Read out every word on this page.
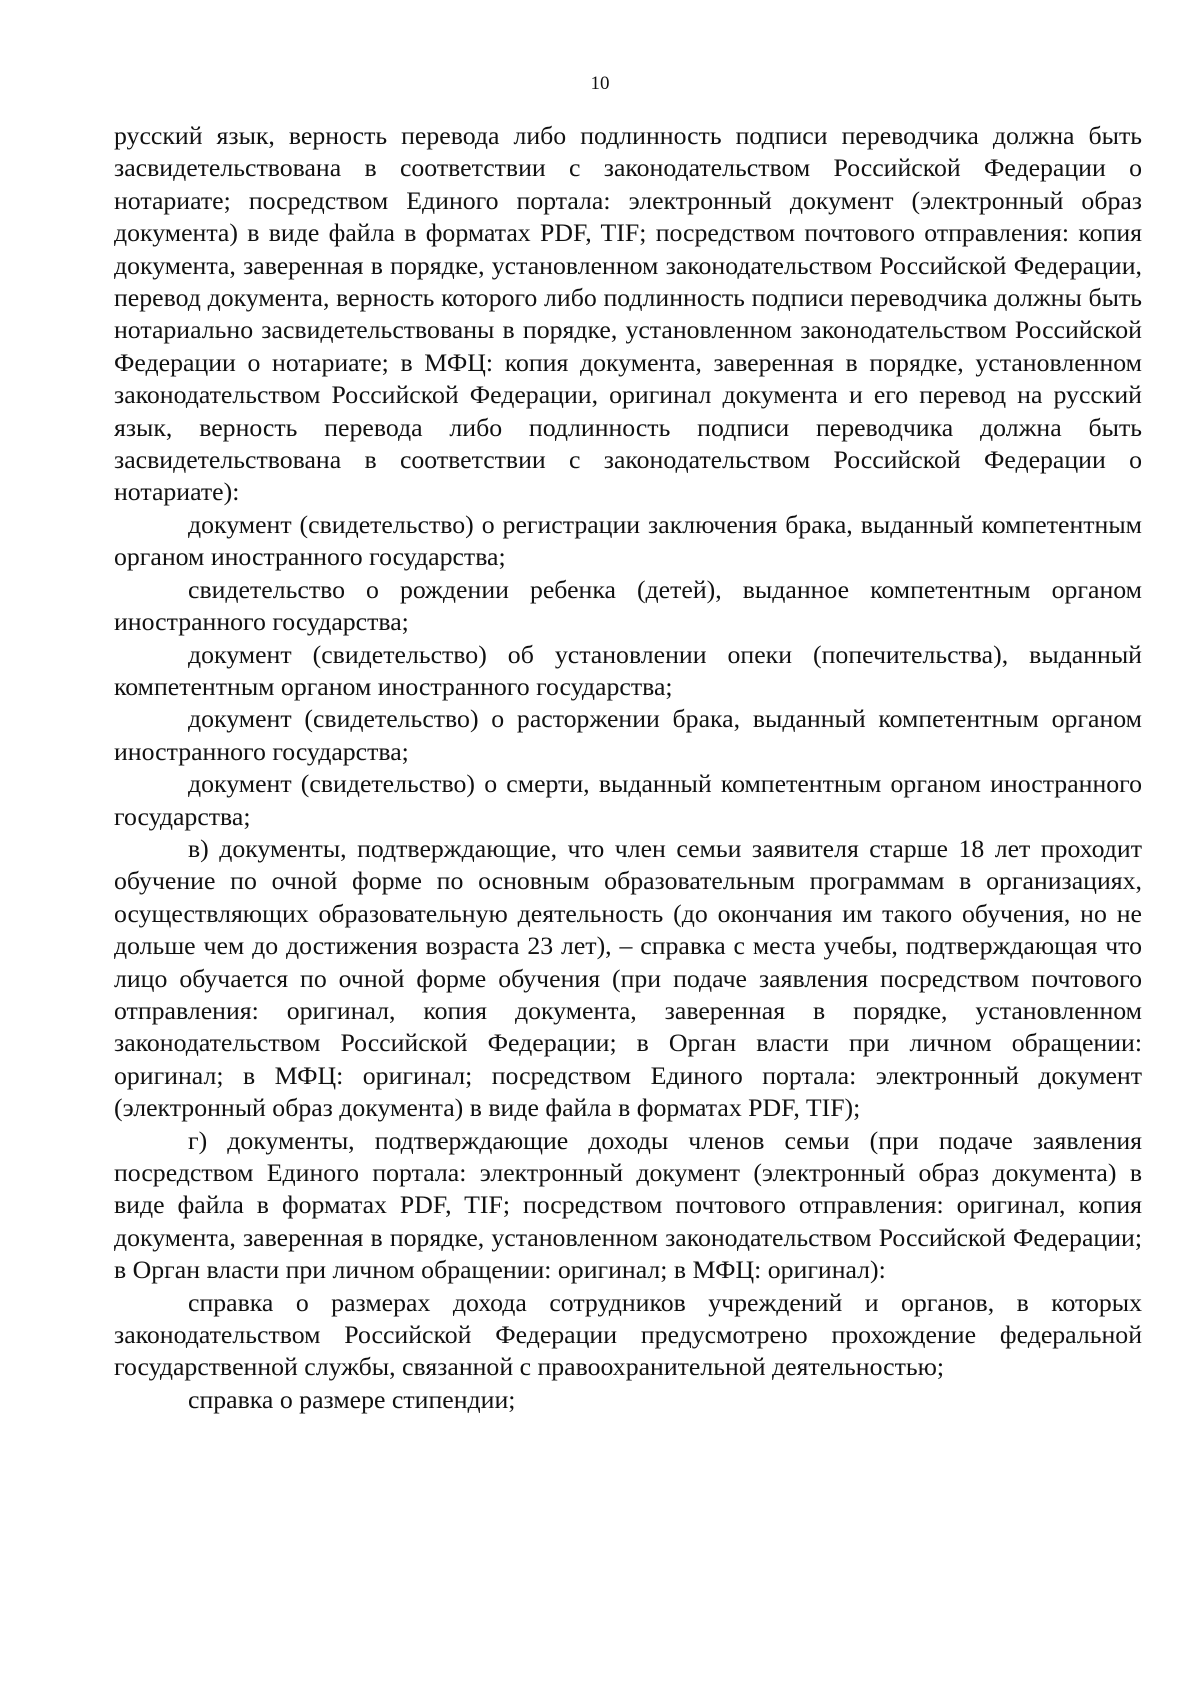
10

русский язык, верность перевода либо подлинность подписи переводчика должна быть засвидетельствована в соответствии с законодательством Российской Федерации о нотариате; посредством Единого портала: электронный документ (электронный образ документа) в виде файла в форматах PDF, TIF; посредством почтового отправления: копия документа, заверенная в порядке, установленном законодательством Российской Федерации, перевод документа, верность которого либо подлинность подписи переводчика должны быть нотариально засвидетельствованы в порядке, установленном законодательством Российской Федерации о нотариате; в МФЦ: копия документа, заверенная в порядке, установленном законодательством Российской Федерации, оригинал документа и его перевод на русский язык, верность перевода либо подлинность подписи переводчика должна быть засвидетельствована в соответствии с законодательством Российской Федерации о нотариате):

документ (свидетельство) о регистрации заключения брака, выданный компетентным органом иностранного государства;

свидетельство о рождении ребенка (детей), выданное компетентным органом иностранного государства;

документ (свидетельство) об установлении опеки (попечительства), выданный компетентным органом иностранного государства;

документ (свидетельство) о расторжении брака, выданный компетентным органом иностранного государства;

документ (свидетельство) о смерти, выданный компетентным органом иностранного государства;

в) документы, подтверждающие, что член семьи заявителя старше 18 лет проходит обучение по очной форме по основным образовательным программам в организациях, осуществляющих образовательную деятельность (до окончания им такого обучения, но не дольше чем до достижения возраста 23 лет), – справка с места учебы, подтверждающая что лицо обучается по очной форме обучения (при подаче заявления посредством почтового отправления: оригинал, копия документа, заверенная в порядке, установленном законодательством Российской Федерации; в Орган власти при личном обращении: оригинал; в МФЦ: оригинал; посредством Единого портала: электронный документ (электронный образ документа) в виде файла в форматах PDF, TIF);

г) документы, подтверждающие доходы членов семьи (при подаче заявления посредством Единого портала: электронный документ (электронный образ документа) в виде файла в форматах PDF, TIF; посредством почтового отправления: оригинал, копия документа, заверенная в порядке, установленном законодательством Российской Федерации; в Орган власти при личном обращении: оригинал; в МФЦ: оригинал):

справка о размерах дохода сотрудников учреждений и органов, в которых законодательством Российской Федерации предусмотрено прохождение федеральной государственной службы, связанной с правоохранительной деятельностью;

справка о размере стипендии;
